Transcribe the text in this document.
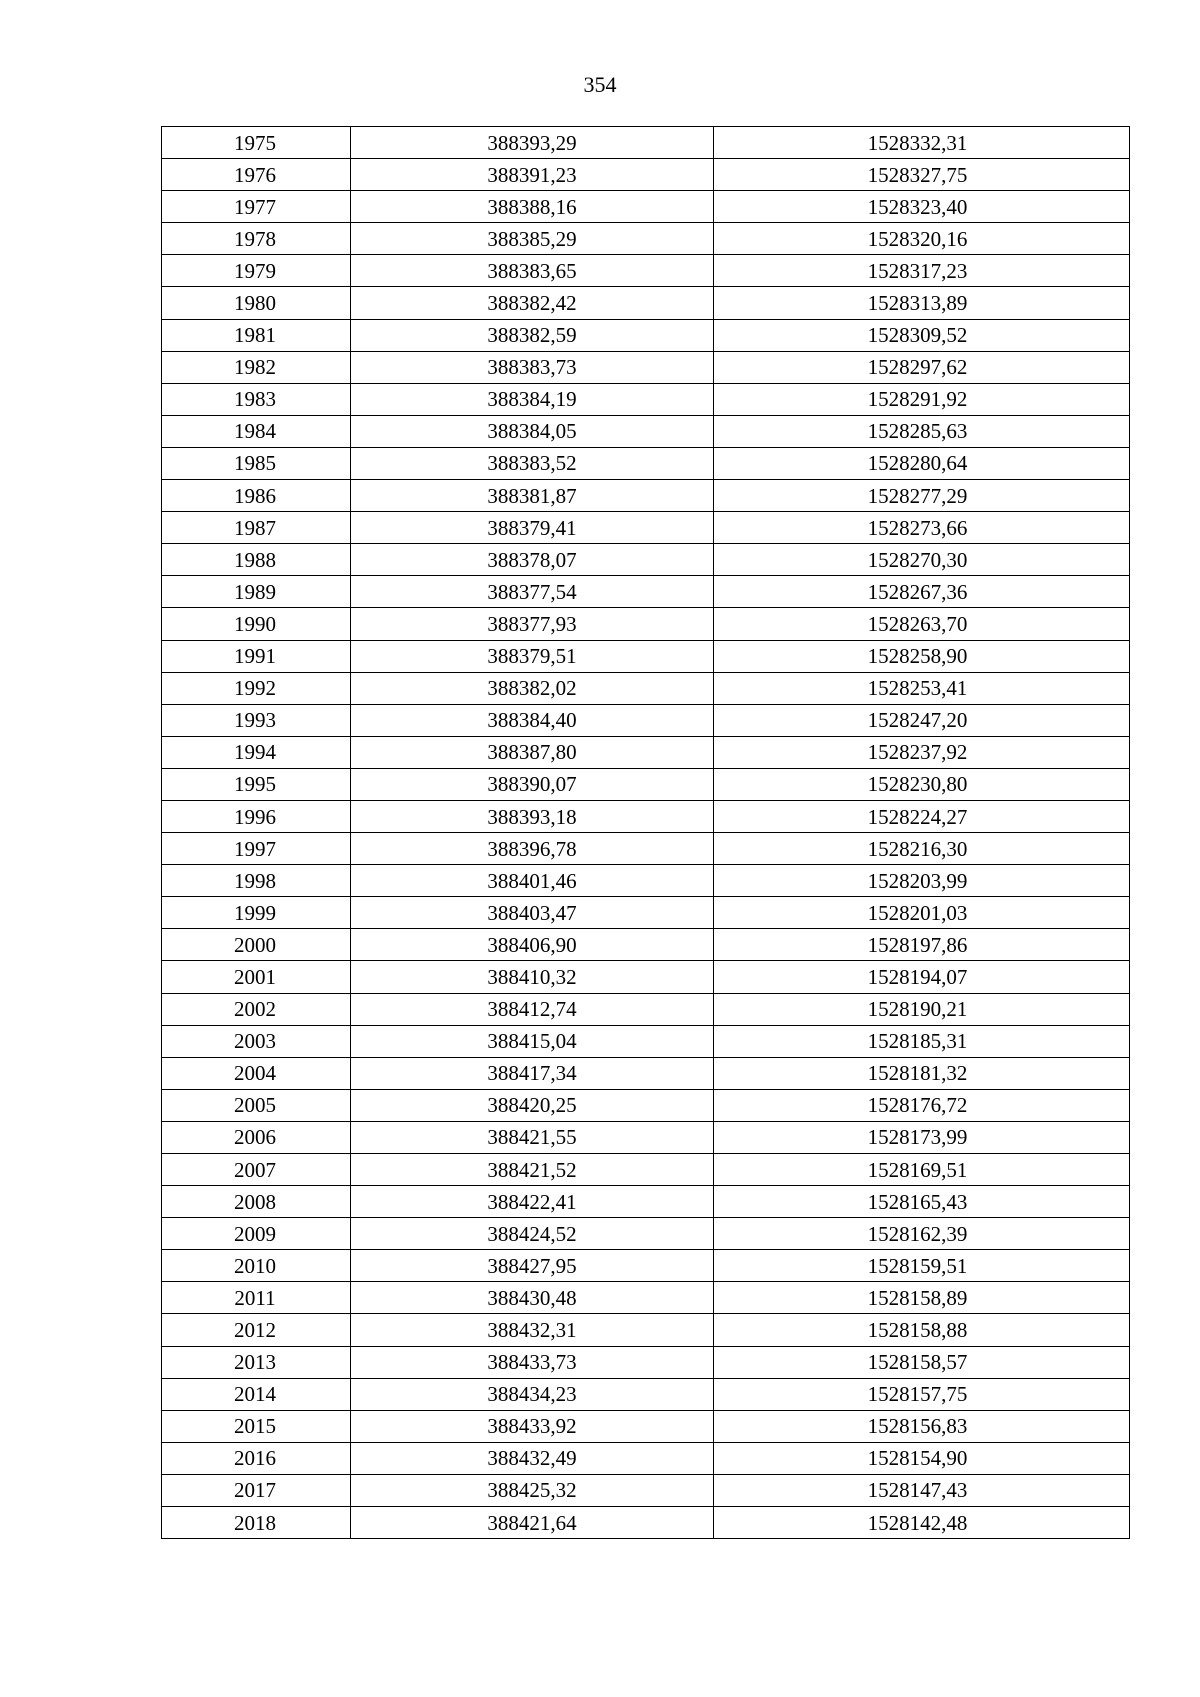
354
1975	388393,29	1528332,31
1976	388391,23	1528327,75
1977	388388,16	1528323,40
1978	388385,29	1528320,16
1979	388383,65	1528317,23
1980	388382,42	1528313,89
1981	388382,59	1528309,52
1982	388383,73	1528297,62
1983	388384,19	1528291,92
1984	388384,05	1528285,63
1985	388383,52	1528280,64
1986	388381,87	1528277,29
1987	388379,41	1528273,66
1988	388378,07	1528270,30
1989	388377,54	1528267,36
1990	388377,93	1528263,70
1991	388379,51	1528258,90
1992	388382,02	1528253,41
1993	388384,40	1528247,20
1994	388387,80	1528237,92
1995	388390,07	1528230,80
1996	388393,18	1528224,27
1997	388396,78	1528216,30
1998	388401,46	1528203,99
1999	388403,47	1528201,03
2000	388406,90	1528197,86
2001	388410,32	1528194,07
2002	388412,74	1528190,21
2003	388415,04	1528185,31
2004	388417,34	1528181,32
2005	388420,25	1528176,72
2006	388421,55	1528173,99
2007	388421,52	1528169,51
2008	388422,41	1528165,43
2009	388424,52	1528162,39
2010	388427,95	1528159,51
2011	388430,48	1528158,89
2012	388432,31	1528158,88
2013	388433,73	1528158,57
2014	388434,23	1528157,75
2015	388433,92	1528156,83
2016	388432,49	1528154,90
2017	388425,32	1528147,43
2018	388421,64	1528142,48
